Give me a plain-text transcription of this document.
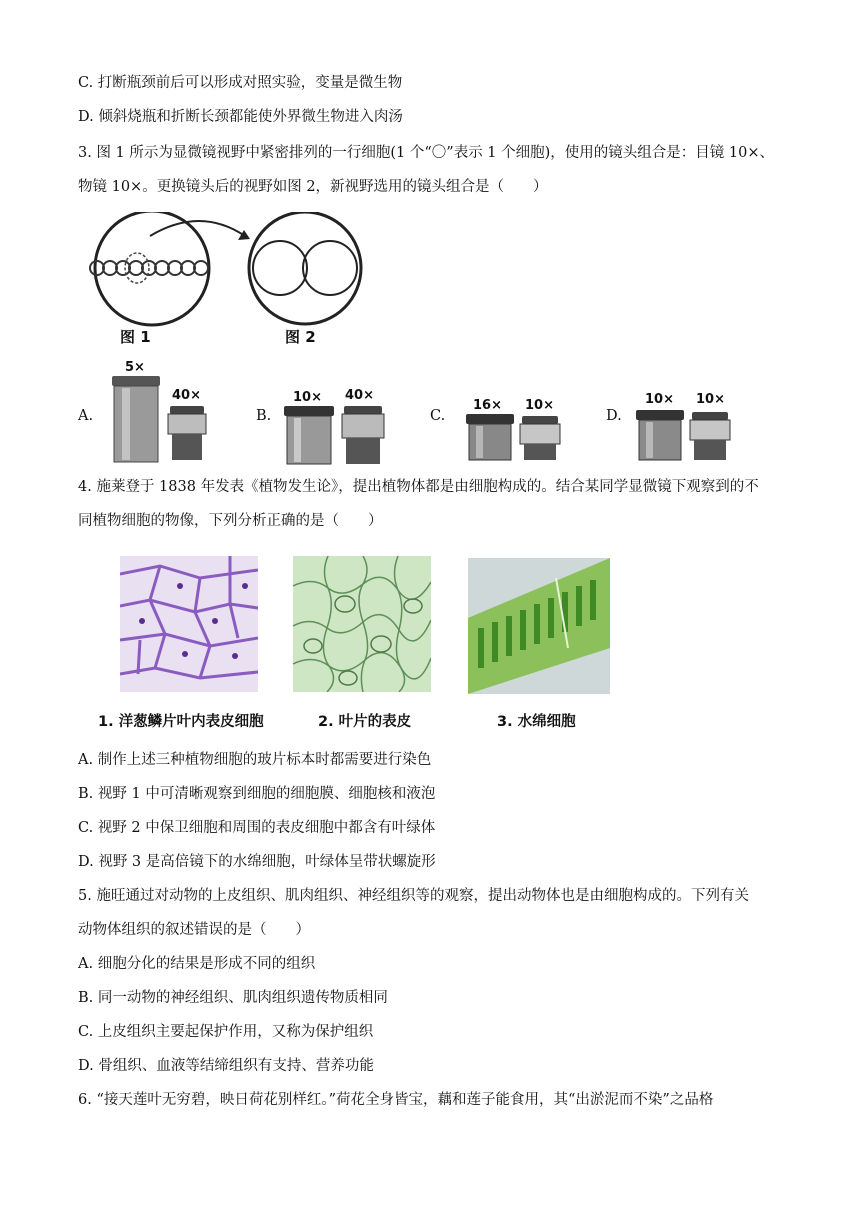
C. 打断瓶颈前后可以形成对照实验，变量是微生物
D. 倾斜烧瓶和折断长颈都能使外界微生物进入肉汤
3. 图 1 所示为显微镜视野中紧密排列的一行细胞(1 个“〇”表示 1 个细胞)，使用的镜头组合是：目镜 10×、
物镜 10×。更换镜头后的视野如图 2，新视野选用的镜头组合是（　　）
图 1	图 2
A.
5×
40×
B.
10× 40×
C.
16× 10×
D.
10× 10×
4. 施莱登于 1838 年发表《植物发生论》，提出植物体都是由细胞构成的。结合某同学显微镜下观察到的不
同植物细胞的物像，下列分析正确的是（　　）
1. 洋葱鳞片叶内表皮细胞	2. 叶片的表皮	3. 水绵细胞
A. 制作上述三种植物细胞的玻片标本时都需要进行染色
B. 视野 1 中可清晰观察到细胞的细胞膜、细胞核和液泡
C. 视野 2 中保卫细胞和周围的表皮细胞中都含有叶绿体
D. 视野 3 是高倍镜下的水绵细胞，叶绿体呈带状螺旋形
5. 施旺通过对动物的上皮组织、肌肉组织、神经组织等的观察，提出动物体也是由细胞构成的。下列有关
动物体组织的叙述错误的是（　　）
A. 细胞分化的结果是形成不同的组织
B. 同一动物的神经组织、肌肉组织遗传物质相同
C. 上皮组织主要起保护作用，又称为保护组织
D. 骨组织、血液等结缔组织有支持、营养功能
6. “接天莲叶无穷碧，映日荷花别样红。”荷花全身皆宝，藕和莲子能食用，其“出淤泥而不染”之品格
